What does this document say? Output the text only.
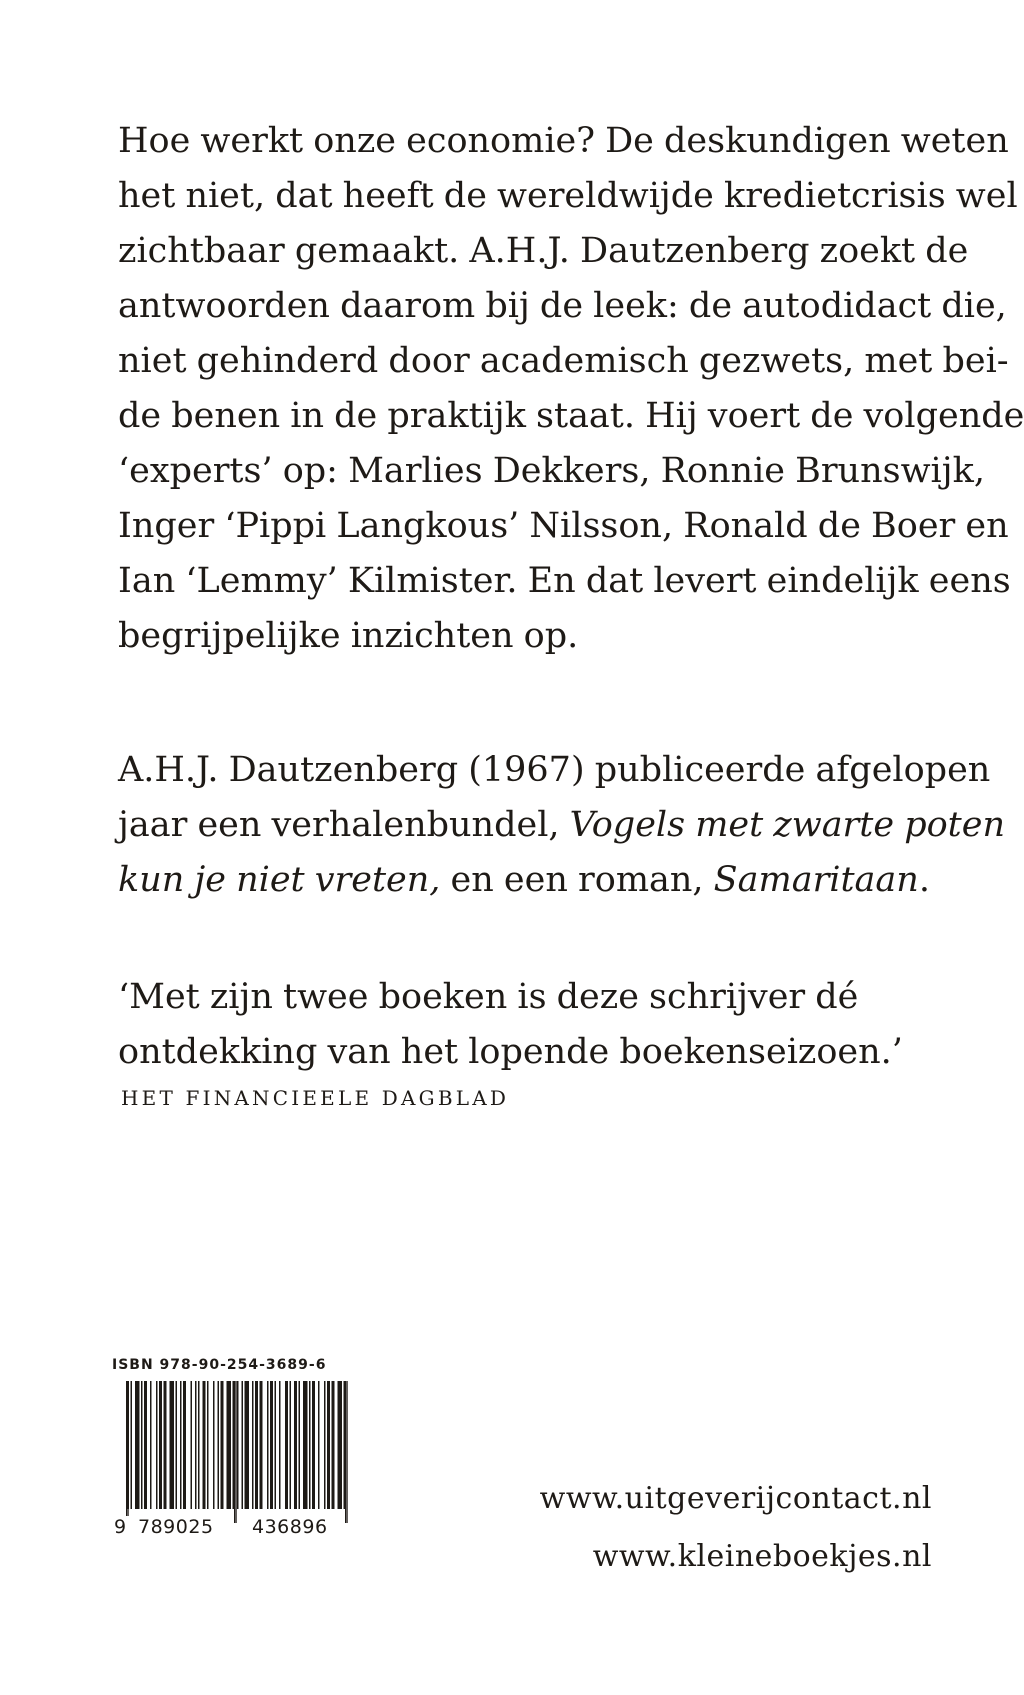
Hoe werkt onze economie? De deskundigen weten
het niet, dat heeft de wereldwijde kredietcrisis wel
zichtbaar gemaakt. A.H.J. Dautzenberg zoekt de
antwoorden daarom bij de leek: de autodidact die,
niet gehinderd door academisch gezwets, met bei-
de benen in de praktijk staat. Hij voert de volgende
‘experts’ op: Marlies Dekkers, Ronnie Brunswijk,
Inger ‘Pippi Langkous’ Nilsson, Ronald de Boer en
Ian ‘Lemmy’ Kilmister. En dat levert eindelijk eens
begrijpelijke inzichten op.
A.H.J. Dautzenberg (1967) publiceerde afgelopen
jaar een verhalenbundel, Vogels met zwarte poten
kun je niet vreten, en een roman, Samaritaan.
‘Met zijn twee boeken is deze schrijver dé
ontdekking van het lopende boekenseizoen.’
HET FINANCIEELE DAGBLAD
ISBN 978-90-254-3689-6
9 789025 436896
www.uitgeverijcontact.nl
www.kleineboekjes.nl
